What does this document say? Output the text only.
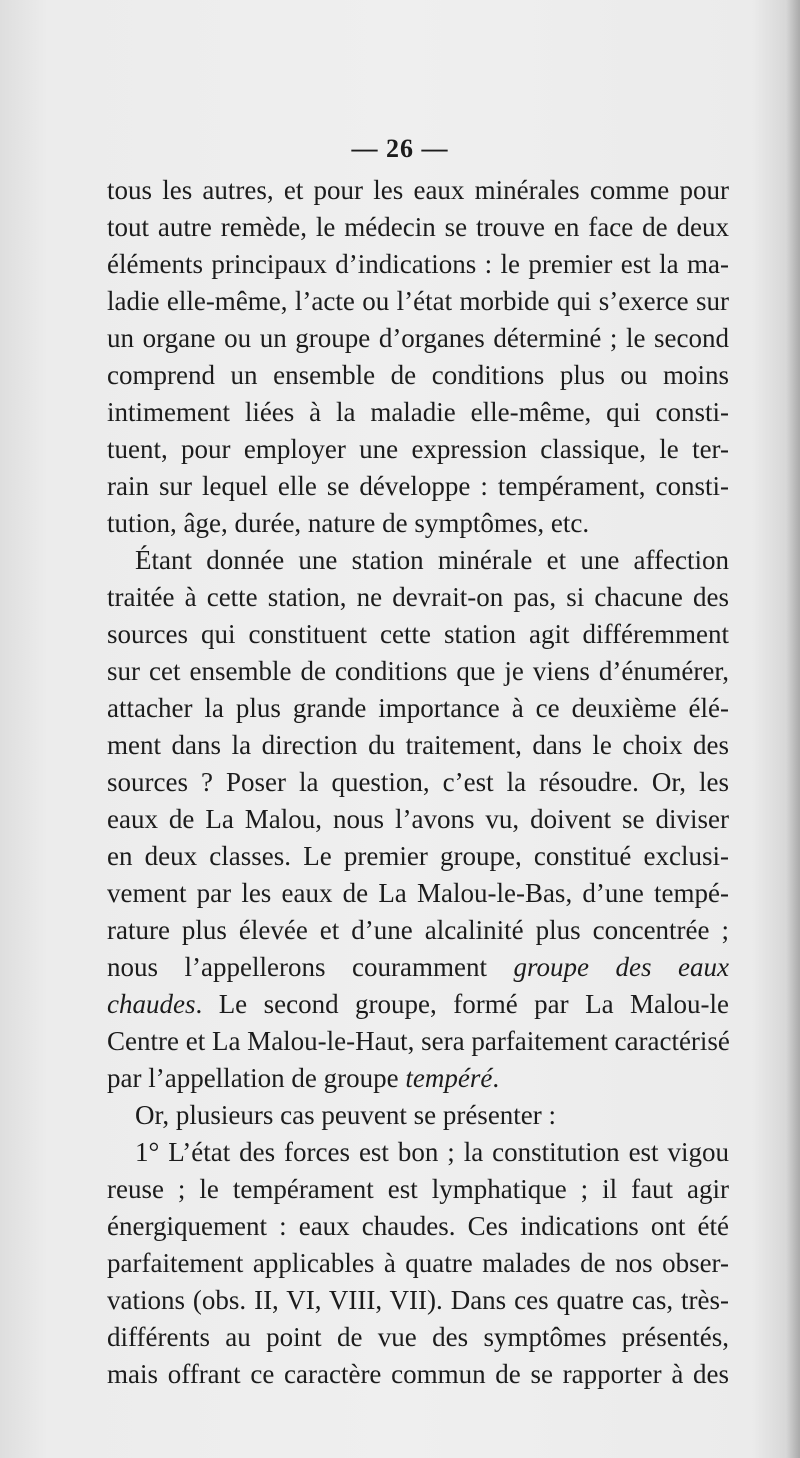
— 26 —
tous les autres, et pour les eaux minérales comme pour
tout autre remède, le médecin se trouve en face de deux
éléments principaux d’indications : le premier est la ma-
ladie elle-même, l’acte ou l’état morbide qui s’exerce sur
un organe ou un groupe d’organes déterminé ; le second
comprend un ensemble de conditions plus ou moins
intimement liées à la maladie elle-même, qui consti-
tuent, pour employer une expression classique, le ter-
rain sur lequel elle se développe : tempérament, consti-
tution, âge, durée, nature de symptômes, etc.
Étant donnée une station minérale et une affection
traitée à cette station, ne devrait-on pas, si chacune des
sources qui constituent cette station agit différemment
sur cet ensemble de conditions que je viens d’énumérer,
attacher la plus grande importance à ce deuxième élé-
ment dans la direction du traitement, dans le choix des
sources ? Poser la question, c’est la résoudre. Or, les
eaux de La Malou, nous l’avons vu, doivent se diviser
en deux classes. Le premier groupe, constitué exclusi-
vement par les eaux de La Malou-le-Bas, d’une tempé-
rature plus élevée et d’une alcalinité plus concentrée ;
nous l’appellerons couramment groupe des eaux
chaudes. Le second groupe, formé par La Malou-le
Centre et La Malou-le-Haut, sera parfaitement caractérisé
par l’appellation de groupe tempéré.
Or, plusieurs cas peuvent se présenter :
1° L’état des forces est bon ; la constitution est vigou
reuse ; le tempérament est lymphatique ; il faut agir
énergiquement : eaux chaudes. Ces indications ont été
parfaitement applicables à quatre malades de nos obser-
vations (obs. II, VI, VIII, VII). Dans ces quatre cas, très-
différents au point de vue des symptômes présentés,
mais offrant ce caractère commun de se rapporter à des
